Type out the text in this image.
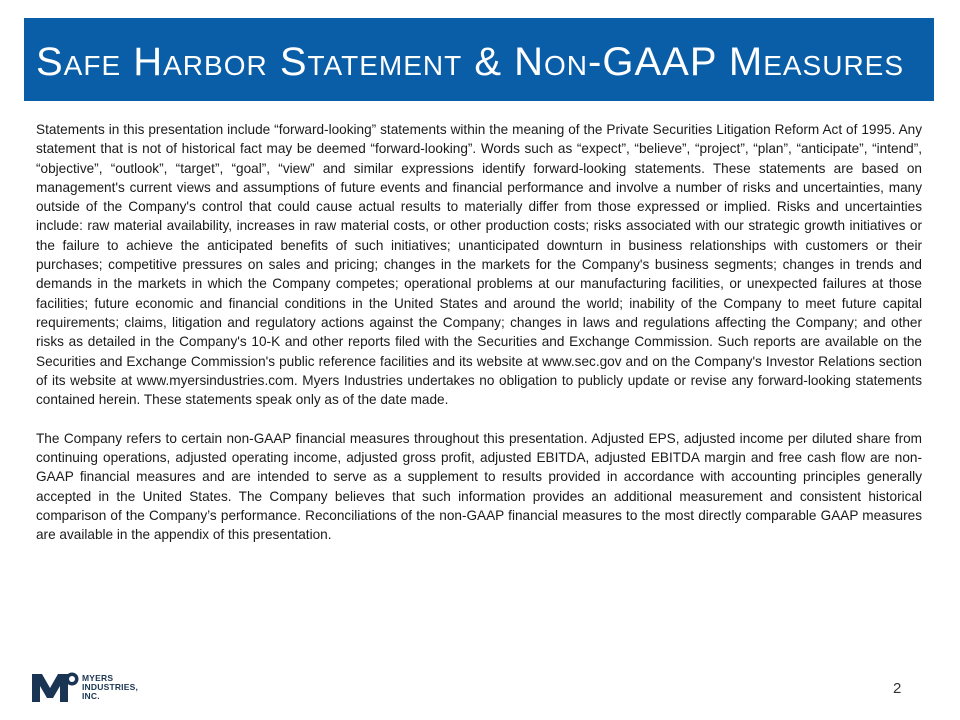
Safe Harbor Statement & Non-GAAP Measures

Statements in this presentation include “forward-looking” statements within the meaning of the Private Securities Litigation Reform Act of 1995. Any statement that is not of historical fact may be deemed “forward-looking”. Words such as “expect”, “believe”, “project”, “plan”, “anticipate”, “intend”, “objective”, “outlook”, “target”, “goal”, “view” and similar expressions identify forward-looking statements. These statements are based on management's current views and assumptions of future events and financial performance and involve a number of risks and uncertainties, many outside of the Company's control that could cause actual results to materially differ from those expressed or implied. Risks and uncertainties include: raw material availability, increases in raw material costs, or other production costs; risks associated with our strategic growth initiatives or the failure to achieve the anticipated benefits of such initiatives; unanticipated downturn in business relationships with customers or their purchases; competitive pressures on sales and pricing; changes in the markets for the Company's business segments; changes in trends and demands in the markets in which the Company competes; operational problems at our manufacturing facilities, or unexpected failures at those facilities; future economic and financial conditions in the United States and around the world; inability of the Company to meet future capital requirements; claims, litigation and regulatory actions against the Company; changes in laws and regulations affecting the Company; and other risks as detailed in the Company's 10-K and other reports filed with the Securities and Exchange Commission. Such reports are available on the Securities and Exchange Commission's public reference facilities and its website at www.sec.gov and on the Company's Investor Relations section of its website at www.myersindustries.com. Myers Industries undertakes no obligation to publicly update or revise any forward-looking statements contained herein. These statements speak only as of the date made.

The Company refers to certain non-GAAP financial measures throughout this presentation. Adjusted EPS, adjusted income per diluted share from continuing operations, adjusted operating income, adjusted gross profit, adjusted EBITDA, adjusted EBITDA margin and free cash flow are non-GAAP financial measures and are intended to serve as a supplement to results provided in accordance with accounting principles generally accepted in the United States. The Company believes that such information provides an additional measurement and consistent historical comparison of the Company’s performance. Reconciliations of the non-GAAP financial measures to the most directly comparable GAAP measures are available in the appendix of this presentation.

MYERS
INDUSTRIES,
INC.	2
